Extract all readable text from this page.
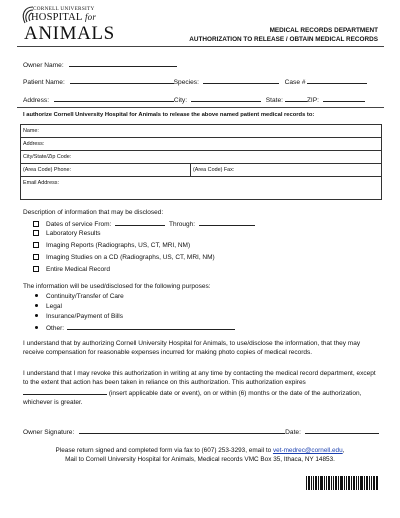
CORNELL UNIVERSITY
HOSPITAL for
ANIMALS	MEDICAL RECORDS DEPARTMENT
AUTHORIZATION TO RELEASE / OBTAIN MEDICAL RECORDS
Owner Name:
Patient Name:	Species:	Case #
Address:	City:	State:	ZIP:
I authorize Cornell University Hospital for Animals to release the above named patient medical records to:
Name:
Address:
City/State/Zip Code:
(Area Code) Phone:	(Area Code) Fax:
Email Address:
Description of information that may be disclosed:
Dates of service From:	Through:
Laboratory Results
Imaging Reports (Radiographs, US, CT, MRI, NM)
Imaging Studies on a CD (Radiographs, US, CT, MRI, NM)
Entire Medical Record
The information will be used/disclosed for the following purposes:
Continuity/Transfer of Care
Legal
Insurance/Payment of Bills
Other:
I understand that by authorizing Cornell University Hospital for Animals, to use/disclose the information, that they may receive compensation for reasonable expenses incurred for making photo copies of medical records.
I understand that I may revoke this authorization in writing at any time by contacting the medical record department, except to the extent that action has been taken in reliance on this authorization. This authorization expires  (insert applicable date or event), on or within (6) months or the date of the authorization, whichever is greater.
Owner Signature:	Date:
Please return signed and completed form via fax to (607) 253-3293, email to vet-medrec@cornell.edu,
Mail to Cornell University Hospital for Animals, Medical records VMC Box 35, Ithaca, NY 14853.
